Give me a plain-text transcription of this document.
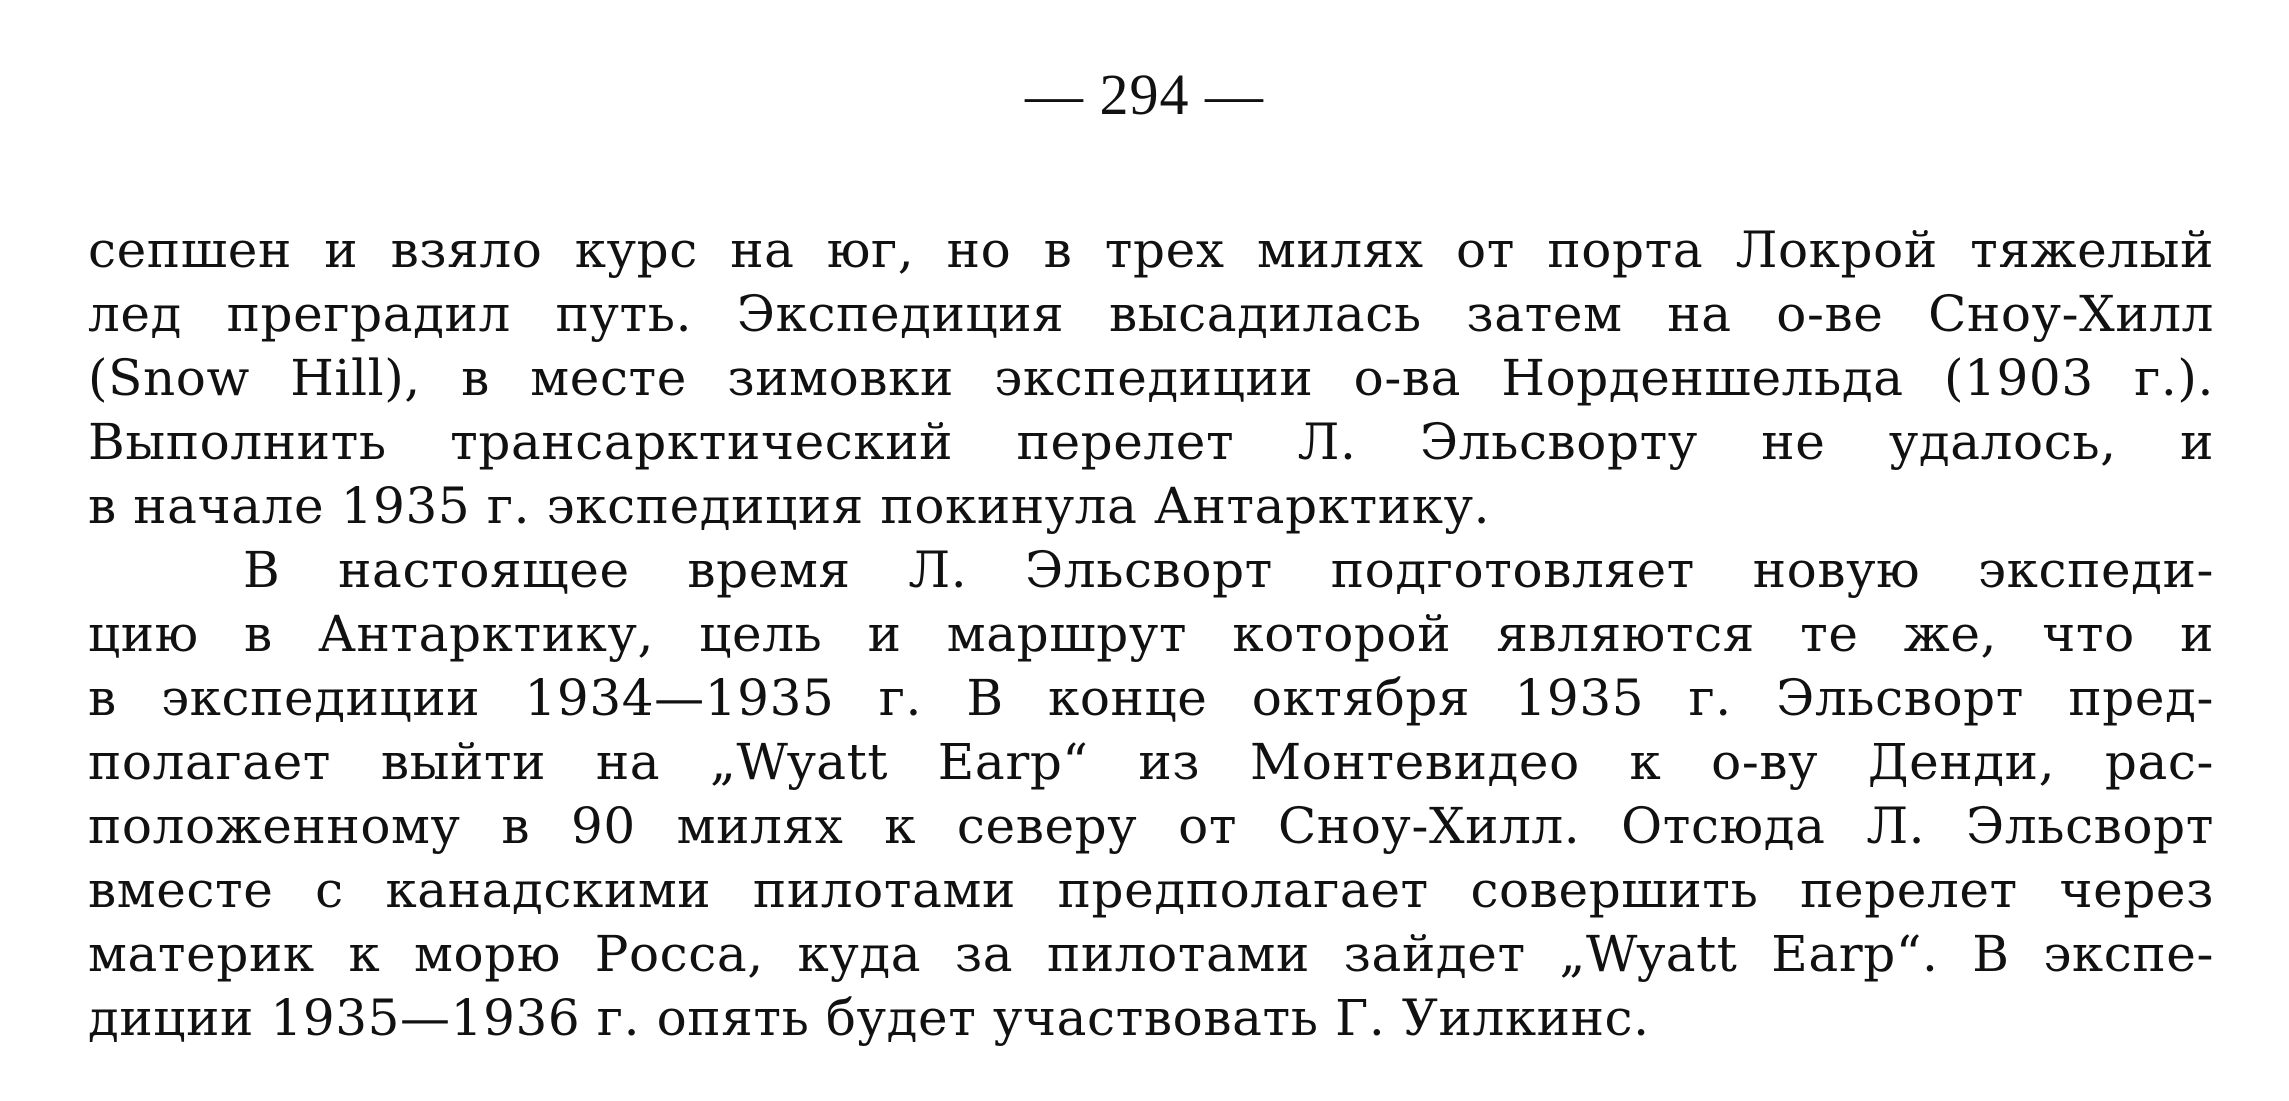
— 294 —
сепшен и взяло курс на юг, но в трех милях от порта Локрой тяжелый
лед преградил путь. Экспедиция высадилась затем на о-ве Сноу-Хилл
(Snow Hill), в месте зимовки экспедиции о-ва Норденшельда (1903 г.).
Выполнить трансарктический перелет Л. Эльсворту не удалось, и
в начале 1935 г. экспедиция покинула Антарктику.
В настоящее время Л. Эльсворт подготовляет новую экспеди-
цию в Антарктику, цель и маршрут которой являются те же, что и
в экспедиции 1934—1935 г. В конце октября 1935 г. Эльсворт пред-
полагает выйти на „Wyatt Earp“ из Монтевидео к о-ву Денди, рас-
положенному в 90 милях к северу от Сноу-Хилл. Отсюда Л. Эльсворт
вместе с канадскими пилотами предполагает совершить перелет через
материк к морю Росса, куда за пилотами зайдет „Wyatt Earp“. В экспе-
диции 1935—1936 г. опять будет участвовать Г. Уилкинс.
